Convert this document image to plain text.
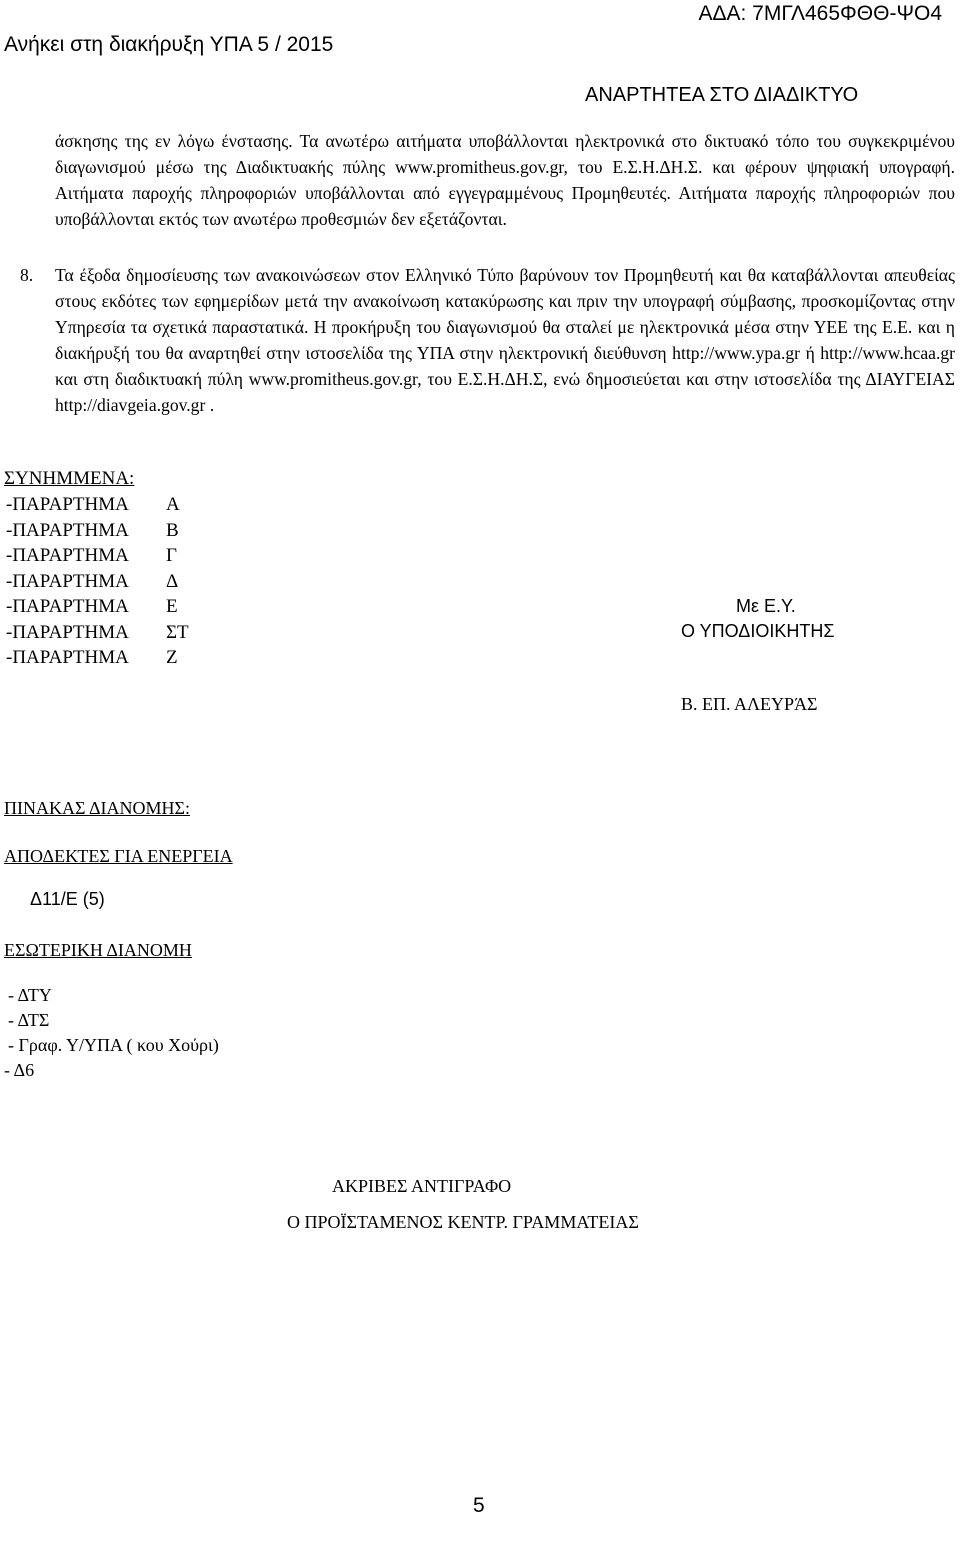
Ανήκει στη διακήρυξη ΥΠΑ 5 / 2015
ΑΔΑ: 7ΜΓΛ465ΦΘΘ-ΨΟ4
ΑΝΑΡΤΗΤΕΑ ΣΤΟ ΔΙΑΔΙΚΤΥΟ
άσκησης της εν λόγω ένστασης. Τα ανωτέρω αιτήματα υποβάλλονται ηλεκτρονικά στο δικτυακό τόπο του συγκεκριμένου διαγωνισμού μέσω της Διαδικτυακής πύλης www.promitheus.gov.gr, του Ε.Σ.Η.ΔΗ.Σ. και φέρουν ψηφιακή υπογραφή. Αιτήματα παροχής πληροφοριών υποβάλλονται από εγγεγραμμένους Προμηθευτές. Αιτήματα παροχής πληροφοριών που υποβάλλονται εκτός των ανωτέρω προθεσμιών δεν εξετάζονται.
8. Τα έξοδα δημοσίευσης των ανακοινώσεων στον Ελληνικό Τύπο βαρύνουν τον Προμηθευτή και θα καταβάλλονται απευθείας στους εκδότες των εφημερίδων μετά την ανακοίνωση κατακύρωσης και πριν την υπογραφή σύμβασης, προσκομίζοντας στην Υπηρεσία τα σχετικά παραστατικά. Η προκήρυξη του διαγωνισμού θα σταλεί με ηλεκτρονικά μέσα στην ΥΕΕ της Ε.Ε. και η διακήρυξή του θα αναρτηθεί στην ιστοσελίδα της ΥΠΑ στην ηλεκτρονική διεύθυνση http://www.ypa.gr ή http://www.hcaa.gr και στη διαδικτυακή πύλη www.promitheus.gov.gr, του Ε.Σ.Η.ΔΗ.Σ, ενώ δημοσιεύεται και στην ιστοσελίδα της ΔΙΑΥΓΕΙΑΣ http://diavgeia.gov.gr .
ΣΥΝΗΜΜΕΝΑ:
-ΠΑΡΑΡΤΗΜΑ Α
-ΠΑΡΑΡΤΗΜΑ Β
-ΠΑΡΑΡΤΗΜΑ Γ
-ΠΑΡΑΡΤΗΜΑ Δ
-ΠΑΡΑΡΤΗΜΑ Ε
-ΠΑΡΑΡΤΗΜΑ ΣΤ
-ΠΑΡΑΡΤΗΜΑ Ζ
Με Ε.Υ.
Ο ΥΠΟΔΙΟΙΚΗΤΗΣ
Β. ΕΠ. ΑΛΕΥΡΆΣ
ΠΙΝΑΚΑΣ ΔΙΑΝΟΜΗΣ:
ΑΠΟΔΕΚΤΕΣ ΓΙΑ ΕΝΕΡΓΕΙΑ
Δ11/Ε (5)
ΕΣΩΤΕΡΙΚΗ ΔΙΑΝΟΜΗ
- ΔΤΥ
- ΔΤΣ
- Γραφ. Υ/ΥΠΑ ( κου Χούρι)
- Δ6
ΑΚΡΙΒΕΣ ΑΝΤΙΓΡΑΦΟ
Ο ΠΡΟΪΣΤΑΜΕΝΟΣ ΚΕΝΤΡ. ΓΡΑΜΜΑΤΕΙΑΣ
5
